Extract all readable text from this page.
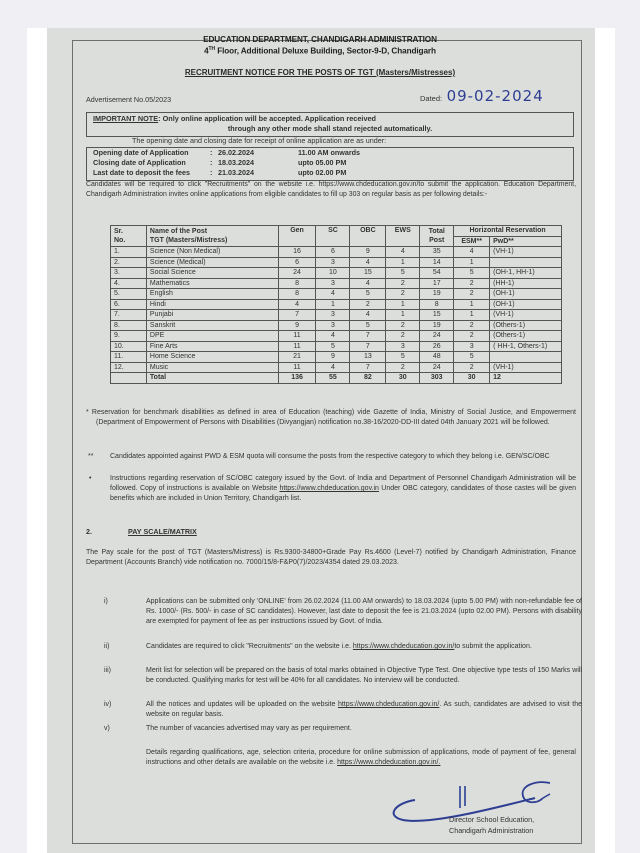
EDUCATION DEPARTMENT, CHANDIGARH ADMINISTRATION
4TH Floor, Additional Deluxe Building, Sector-9-D, Chandigarh
RECRUITMENT NOTICE FOR THE POSTS OF TGT (Masters/Mistresses)
Advertisement No.05/2023	Dated: 09-02-2024
IMPORTANT NOTE: Only online application will be accepted. Application received
through any other mode shall stand rejected automatically.
The opening date and closing date for receipt of online application are as under:
Opening date of Application	: 26.02.2024	11.00 AM onwards
Closing date of Application	: 18.03.2024	upto 05.00 PM
Last date to deposit the fees	: 21.03.2024	upto 02.00 PM
Candidates will be required to click "Recruitments" on the website i.e. https://www.chdeducation.gov.in/to submit the application. Education Department, Chandigarh Administration invites online applications from eligible candidates to fill up 303 on regular basis as per following details:-
Sr.
No.	Name of the Post
TGT (Masters/Mistress)	Gen	SC	OBC	EWS	Total
Post	Horizontal Reservation	
							ESM**	PwD**
1.	Science (Non Medical)	16	6	9	4	35	4	(VH-1)
2.	Science (Medical)	6	3	4	1	14	1	
3.	Social Science	24	10	15	5	54	5	(OH-1, HH-1)
4.	Mathematics	8	3	4	2	17	2	(HH-1)
5.	English	8	4	5	2	19	2	(OH-1)
6.	Hindi	4	1	2	1	8	1	(OH-1)
7.	Punjabi	7	3	4	1	15	1	(VH-1)
8.	Sanskrit	9	3	5	2	19	2	(Others-1)
9.	DPE	11	4	7	2	24	2	(Others-1)
10.	Fine Arts	11	5	7	3	26	3	( HH-1, Others-1)
11.	Home Science	21	9	13	5	48	5	
12.	Music	11	4	7	2	24	2	(VH-1)
	Total	136	55	82	30	303	30	12
* Reservation for benchmark disabilities as defined in area of Education (teaching) vide Gazette of India, Ministry of Social Justice, and Empowerment (Department of Empowerment of Persons with Disabilities (Divyangjan) notification no.38-16/2020-DD-III dated 04th January 2021 will be followed.
**	Candidates appointed against PWD & ESM quota will consume the posts from the respective category to which they belong i.e. GEN/SC/OBC
•	Instructions regarding reservation of SC/OBC category issued by the Govt. of India and Department of Personnel Chandigarh Administration will be followed. Copy of instructions is available on Website https://www.chdeducation.gov.in Under OBC category, candidates of those castes will be given benefits which are included in Union Territory, Chandigarh list.
2.	PAY SCALE/MATRIX
The Pay scale for the post of TGT (Masters/Mistress) is Rs.9300-34800+Grade Pay Rs.4600 (Level-7) notified by Chandigarh Administration, Finance Department (Accounts Branch) vide notification no. 7000/15/8-F&P0(7)/2023/4354 dated 29.03.2023.
i)	Applications can be submitted only 'ONLINE' from 26.02.2024 (11.00 AM onwards) to 18.03.2024 (upto 5.00 PM) with non-refundable fee of Rs. 1000/- (Rs. 500/- in case of SC candidates). However, last date to deposit the fee is 21.03.2024 (upto 02.00 PM). Persons with disability are exempted for payment of fee as per instructions issued by Govt. of India.
ii)	Candidates are required to click "Recruitments" on the website i.e. https://www.chdeducation.gov.in/to submit the application.
iii)	Merit list for selection will be prepared on the basis of total marks obtained in Objective Type Test. One objective type tests of 150 Marks will be conducted. Qualifying marks for test will be 40% for all candidates. No interview will be conducted.
iv)	All the notices and updates will be uploaded on the website https://www.chdeducation.gov.in/. As such, candidates are advised to visit the website on regular basis.
v)	The number of vacancies advertised may vary as per requirement.
Details regarding qualifications, age, selection criteria, procedure for online submission of applications, mode of payment of fee, general instructions and other details are available on the website i.e. https://www.chdeducation.gov.in/.
Director School Education,
Chandigarh Administration
